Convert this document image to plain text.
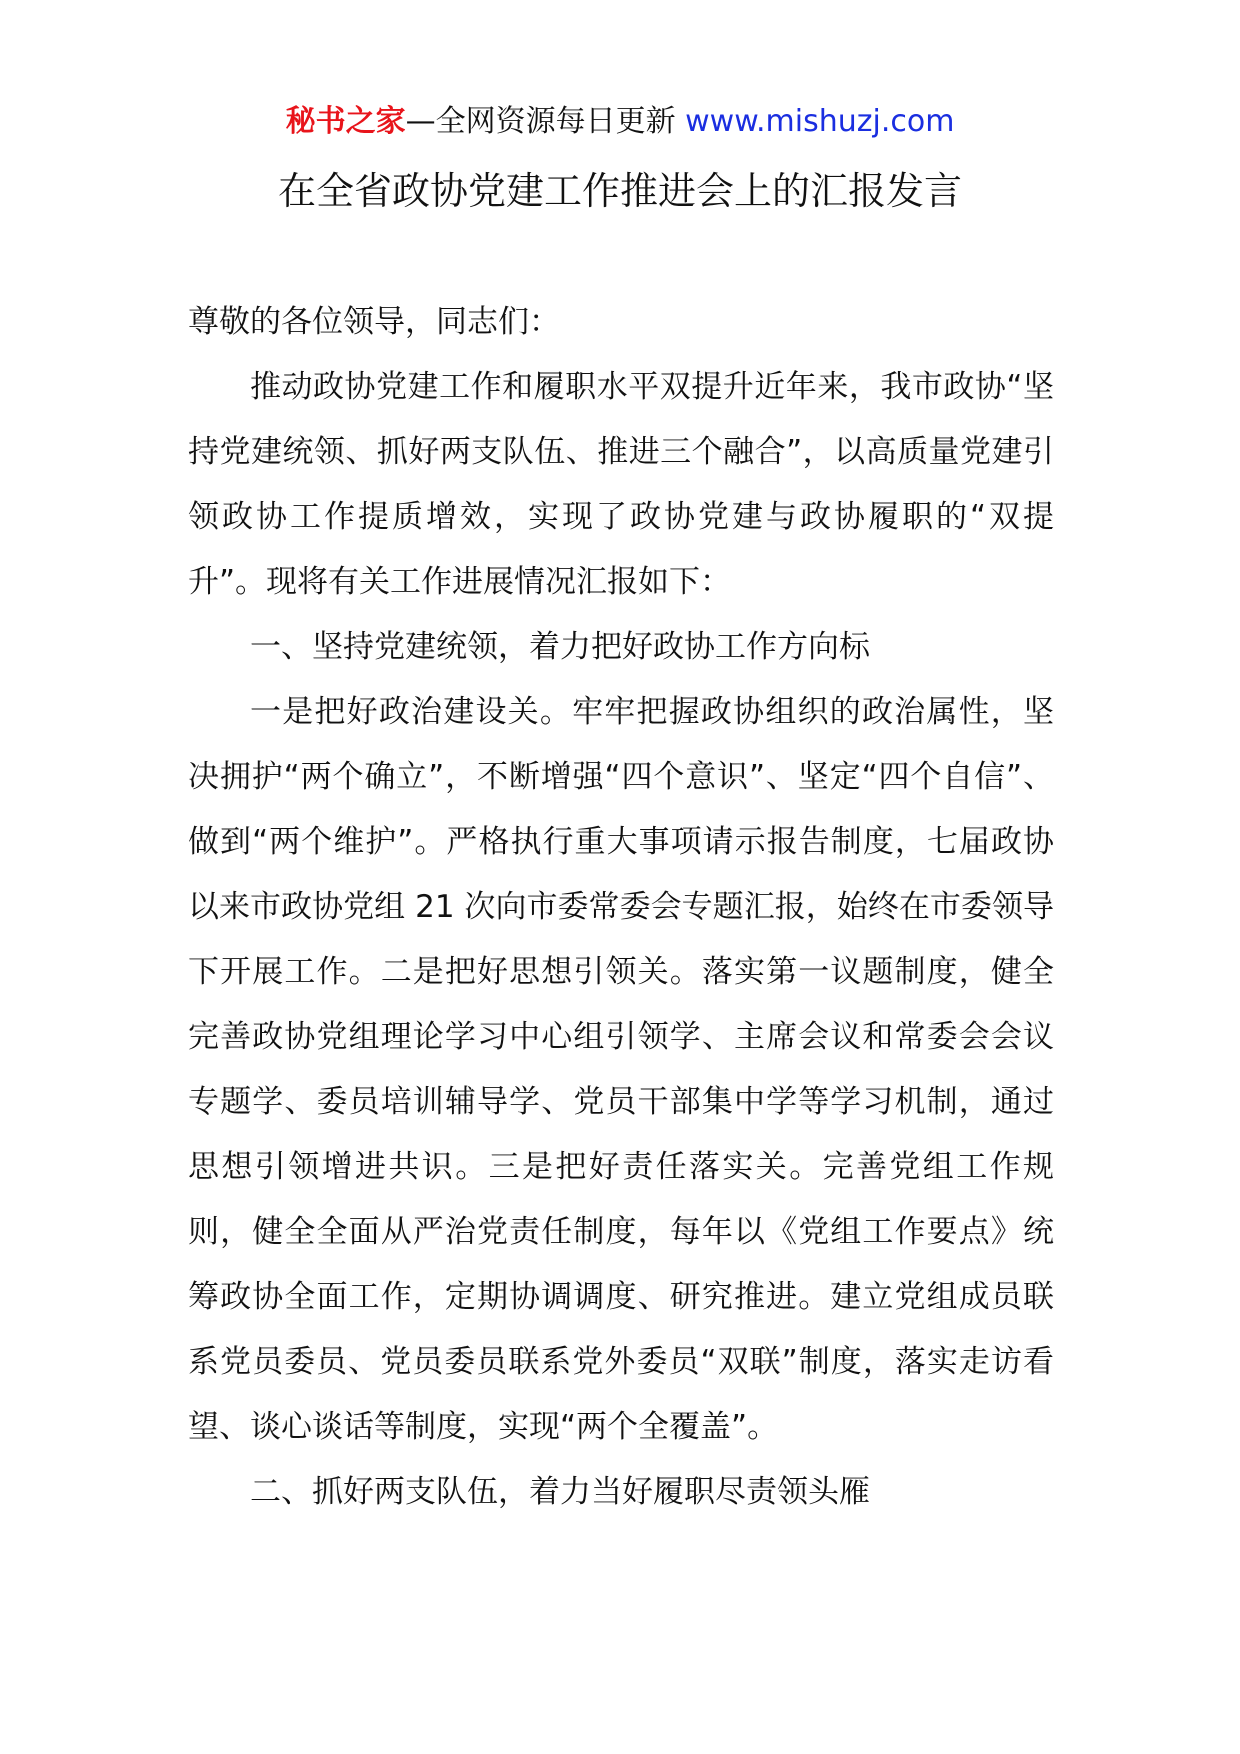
秘书之家—全网资源每日更新 www.mishuzj.com
在全省政协党建工作推进会上的汇报发言

尊敬的各位领导，同志们：

推动政协党建工作和履职水平双提升近年来，我市政协“坚持党建统领、抓好两支队伍、推进三个融合”，以高质量党建引领政协工作提质增效，实现了政协党建与政协履职的“双提升”。现将有关工作进展情况汇报如下：

一、坚持党建统领，着力把好政协工作方向标

一是把好政治建设关。牢牢把握政协组织的政治属性，坚决拥护“两个确立”，不断增强“四个意识”、坚定“四个自信”、做到“两个维护”。严格执行重大事项请示报告制度，七届政协以来市政协党组 21 次向市委常委会专题汇报，始终在市委领导下开展工作。二是把好思想引领关。落实第一议题制度，健全完善政协党组理论学习中心组引领学、主席会议和常委会会议专题学、委员培训辅导学、党员干部集中学等学习机制，通过思想引领增进共识。三是把好责任落实关。完善党组工作规则，健全全面从严治党责任制度，每年以《党组工作要点》统筹政协全面工作，定期协调调度、研究推进。建立党组成员联系党员委员、党员委员联系党外委员“双联”制度，落实走访看望、谈心谈话等制度，实现“两个全覆盖”。

二、抓好两支队伍，着力当好履职尽责领头雁
